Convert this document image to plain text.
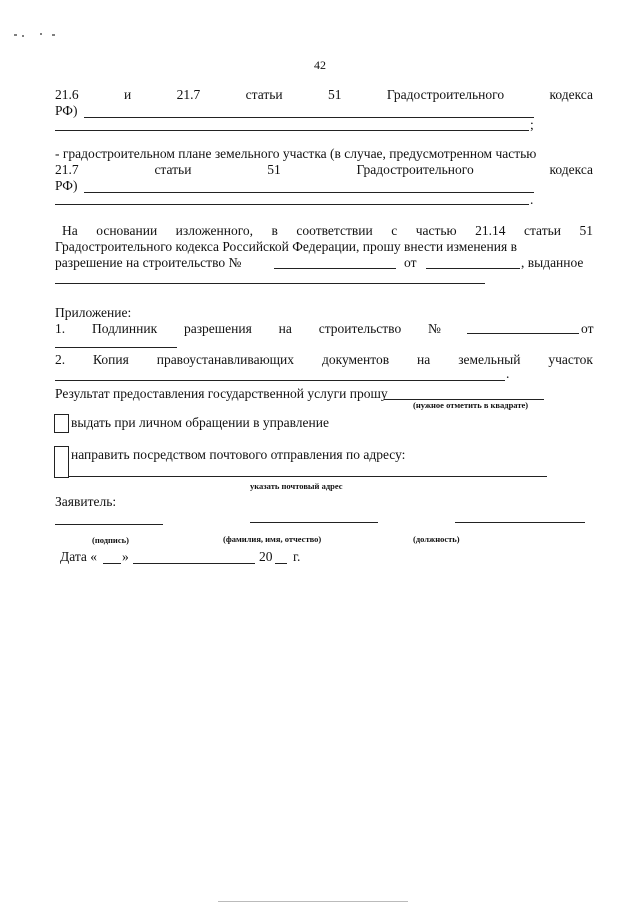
42
21.6	и	21.7	статьи	51	Градостроительного	кодекса
РФ)
;
- градостроительном плане земельного участка (в случае, предусмотренном частью
21.7	статьи	51	Градостроительного	кодекса
РФ)
.
На основании изложенного, в соответствии с частью 21.14 статьи 51
Градостроительного кодекса Российской Федерации, прошу внести изменения в
разрешение на строительство №	от	, выданное
Приложение:
1. Подлинник разрешения на строительство №	от
2. Копия правоустанавливающих документов на земельный участок
.
Результат предоставления государственной услуги прошу
(нужное отметить в квадрате)
выдать при личном обращении в управление
направить посредством почтового отправления по адресу:
указать почтовый адрес
Заявитель:
(подпись)	(фамилия, имя, отчество)	(должность)
Дата « »	20 г.
